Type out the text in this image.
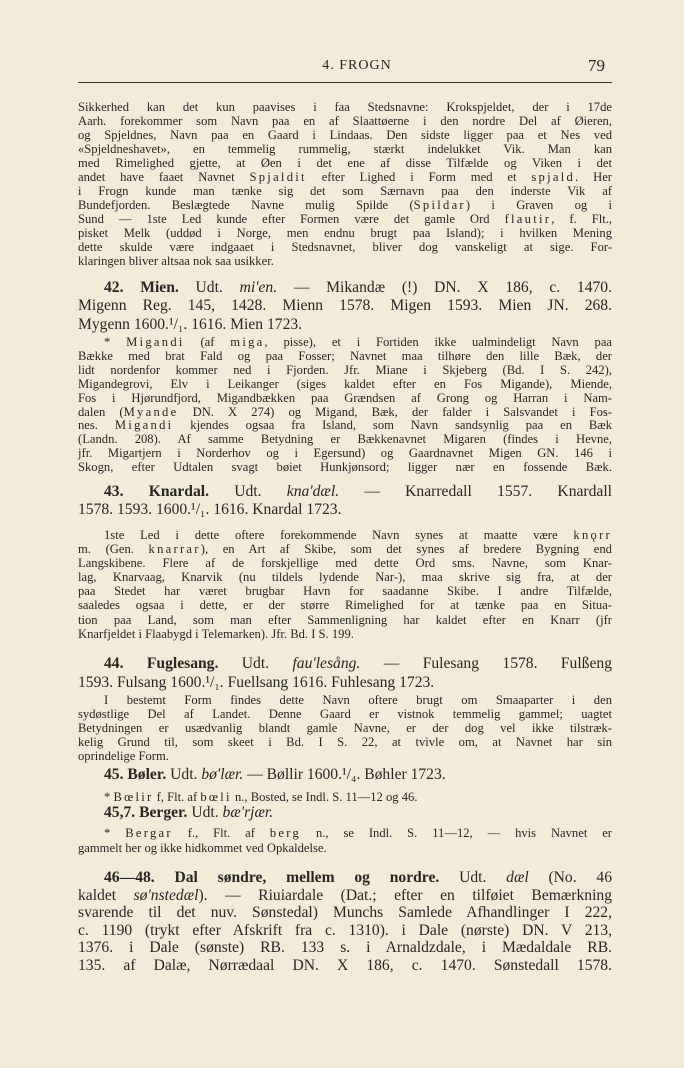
4. FROGN	79
Sikkerhed kan det kun paavises i faa Stedsnavne: Krokspjeldet, der i 17de
Aarh. forekommer som Navn paa en af Slaattøerne i den nordre Del af Øieren,
og Spjeldnes, Navn paa en Gaard i Lindaas. Den sidste ligger paa et Nes ved
«Spjeldneshavet», en temmelig rummelig, stærkt indelukket Vik. Man kan
med Rimelighed gjette, at Øen i det ene af disse Tilfælde og Viken i det
andet have faaet Navnet Spjaldit efter Lighed i Form med et spjald. Her
i Frogn kunde man tænke sig det som Særnavn paa den inderste Vik af
Bundefjorden. Beslægtede Navne mulig Spilde (Spildar) i Graven og i
Sund — 1ste Led kunde efter Formen være det gamle Ord flautir, f. Flt.,
pisket Melk (uddød i Norge, men endnu brugt paa Island); i hvilken Mening
dette skulde være indgaaet i Stedsnavnet, bliver dog vanskeligt at sige. For-
klaringen bliver altsaa nok saa usikker.
42. Mien. Udt. mi'en. — Mikandæ (!) DN. X 186, c. 1470.
Migenn Reg. 145, 1428. Mienn 1578. Migen 1593. Mien JN. 268.
Mygenn 1600.¹/₁. 1616. Mien 1723.
* Migandi (af miga, pisse), et i Fortiden ikke ualmindeligt Navn paa
Bække med brat Fald og paa Fosser; Navnet maa tilhøre den lille Bæk, der
lidt nordenfor kommer ned i Fjorden. Jfr. Miane i Skjeberg (Bd. I S. 242),
Migandegrovi, Elv i Leikanger (siges kaldet efter en Fos Migande), Miende,
Fos i Hjørundfjord, Migandbækken paa Grændsen af Grong og Harran i Nam-
dalen (Myande DN. X 274) og Migand, Bæk, der falder i Salsvandet i Fos-
nes. Migandi kjendes ogsaa fra Island, som Navn sandsynlig paa en Bæk
(Landn. 208). Af samme Betydning er Bækkenavnet Migaren (findes i Hevne,
jfr. Migartjern i Norderhov og i Egersund) og Gaardnavnet Migen GN. 146 i
Skogn, efter Udtalen svagt bøiet Hunkjønsord; ligger nær en fossende Bæk.
43. Knardal. Udt. kna'dæl. — Knarredall 1557. Knardall
1578. 1593. 1600.¹/₁. 1616. Knardal 1723.
1ste Led i dette oftere forekommende Navn synes at maatte være knǫrr
m. (Gen. knarrar), en Art af Skibe, som det synes af bredere Bygning end
Langskibene. Flere af de forskjellige med dette Ord sms. Navne, som Knar-
lag, Knarvaag, Knarvik (nu tildels lydende Nar-), maa skrive sig fra, at der
paa Stedet har været brugbar Havn for saadanne Skibe. I andre Tilfælde,
saaledes ogsaa i dette, er der større Rimelighed for at tænke paa en Situa-
tion paa Land, som man efter Sammenligning har kaldet efter en Knarr (jfr
Knarfjeldet i Flaabygd i Telemarken). Jfr. Bd. I S. 199.
44. Fuglesang. Udt. fau'lesång. — Fulesang 1578. Fulßeng
1593. Fulsang 1600.¹/₁. Fuellsang 1616. Fuhlesang 1723.
I bestemt Form findes dette Navn oftere brugt om Smaaparter i den
sydøstlige Del af Landet. Denne Gaard er vistnok temmelig gammel; uagtet
Betydningen er usædvanlig blandt gamle Navne, er der dog vel ikke tilstræk-
kelig Grund til, som skeet i Bd. I S. 22, at tvivle om, at Navnet har sin
oprindelige Form.
45. Bøler. Udt. bø'lær. — Bøllir 1600.¹/₄. Bøhler 1723.
* Bœlir f, Flt. af bœli n., Bosted, se Indl. S. 11—12 og 46.
45,7. Berger. Udt. bæ'rjær.
* Bergar f., Flt. af berg n., se Indl. S. 11—12, — hvis Navnet er
gammelt her og ikke hidkommet ved Opkaldelse.
46—48. Dal søndre, mellem og nordre. Udt. dæl (No. 46
kaldet sø'nstedæl). — Riuiardale (Dat.; efter en tilføiet Bemærkning
svarende til det nuv. Sønstedal) Munchs Samlede Afhandlinger I 222,
c. 1190 (trykt efter Afskrift fra c. 1310). i Dale (nørste) DN. V 213,
1376. i Dale (sønste) RB. 133 s. i Arnaldzdale, i Mædaldale RB.
135. af Dalæ, Nørrædaal DN. X 186, c. 1470. Sønstedall 1578.
